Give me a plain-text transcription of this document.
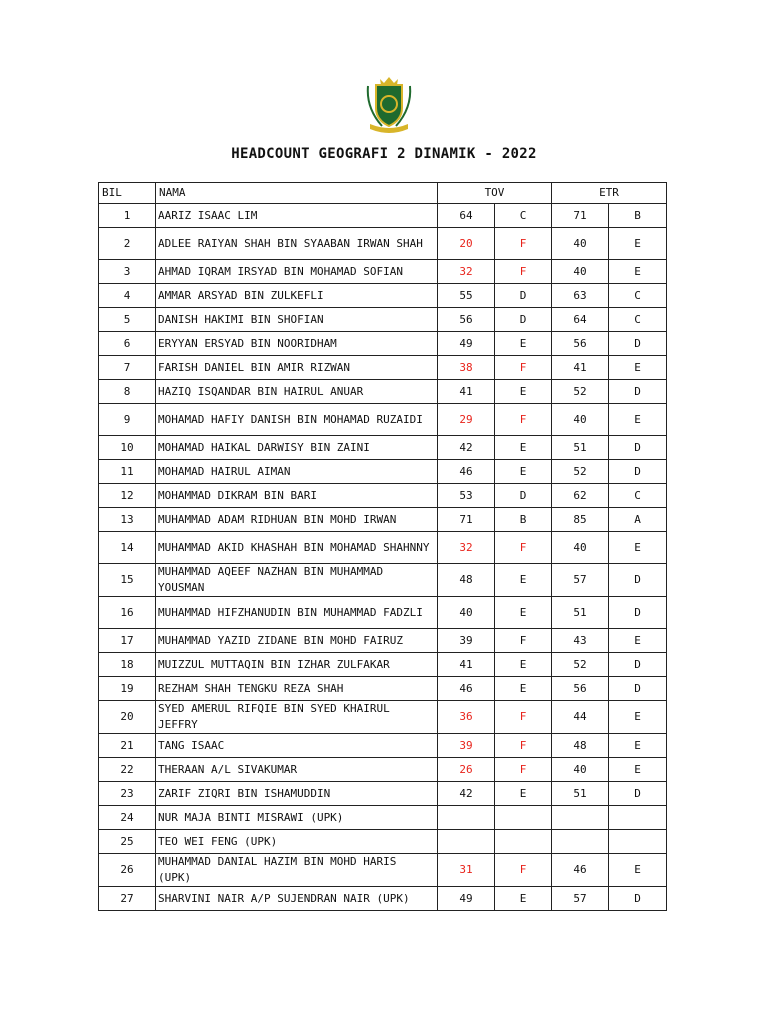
HEADCOUNT GEOGRAFI 2 DINAMIK - 2022
BIL	NAMA	TOV		ETR	
1	AARIZ ISAAC LIM	64	C	71	B
2	ADLEE RAIYAN SHAH BIN SYAABAN IRWAN SHAH	20	F	40	E
3	AHMAD IQRAM IRSYAD BIN MOHAMAD SOFIAN	32	F	40	E
4	AMMAR ARSYAD BIN ZULKEFLI	55	D	63	C
5	DANISH HAKIMI BIN SHOFIAN	56	D	64	C
6	ERYYAN ERSYAD BIN NOORIDHAM	49	E	56	D
7	FARISH DANIEL BIN AMIR RIZWAN	38	F	41	E
8	HAZIQ ISQANDAR BIN HAIRUL ANUAR	41	E	52	D
9	MOHAMAD HAFIY DANISH BIN MOHAMAD RUZAIDI	29	F	40	E
10	MOHAMAD HAIKAL DARWISY BIN ZAINI	42	E	51	D
11	MOHAMAD HAIRUL AIMAN	46	E	52	D
12	MOHAMMAD DIKRAM BIN BARI	53	D	62	C
13	MUHAMMAD ADAM RIDHUAN BIN MOHD IRWAN	71	B	85	A
14	MUHAMMAD AKID KHASHAH BIN MOHAMAD SHAHNNY	32	F	40	E
15	MUHAMMAD AQEEF NAZHAN BIN MUHAMMAD YOUSMAN	48	E	57	D
16	MUHAMMAD HIFZHANUDIN BIN MUHAMMAD FADZLI	40	E	51	D
17	MUHAMMAD YAZID ZIDANE BIN MOHD FAIRUZ	39	F	43	E
18	MUIZZUL MUTTAQIN BIN IZHAR ZULFAKAR	41	E	52	D
19	REZHAM SHAH TENGKU REZA SHAH	46	E	56	D
20	SYED AMERUL RIFQIE BIN SYED KHAIRUL JEFFRY	36	F	44	E
21	TANG ISAAC	39	F	48	E
22	THERAAN A/L SIVAKUMAR	26	F	40	E
23	ZARIF ZIQRI BIN ISHAMUDDIN	42	E	51	D
24	NUR MAJA BINTI MISRAWI (UPK)				
25	TEO WEI FENG (UPK)				
26	MUHAMMAD DANIAL HAZIM BIN MOHD HARIS (UPK)	31	F	46	E
27	SHARVINI NAIR A/P SUJENDRAN NAIR (UPK)	49	E	57	D
